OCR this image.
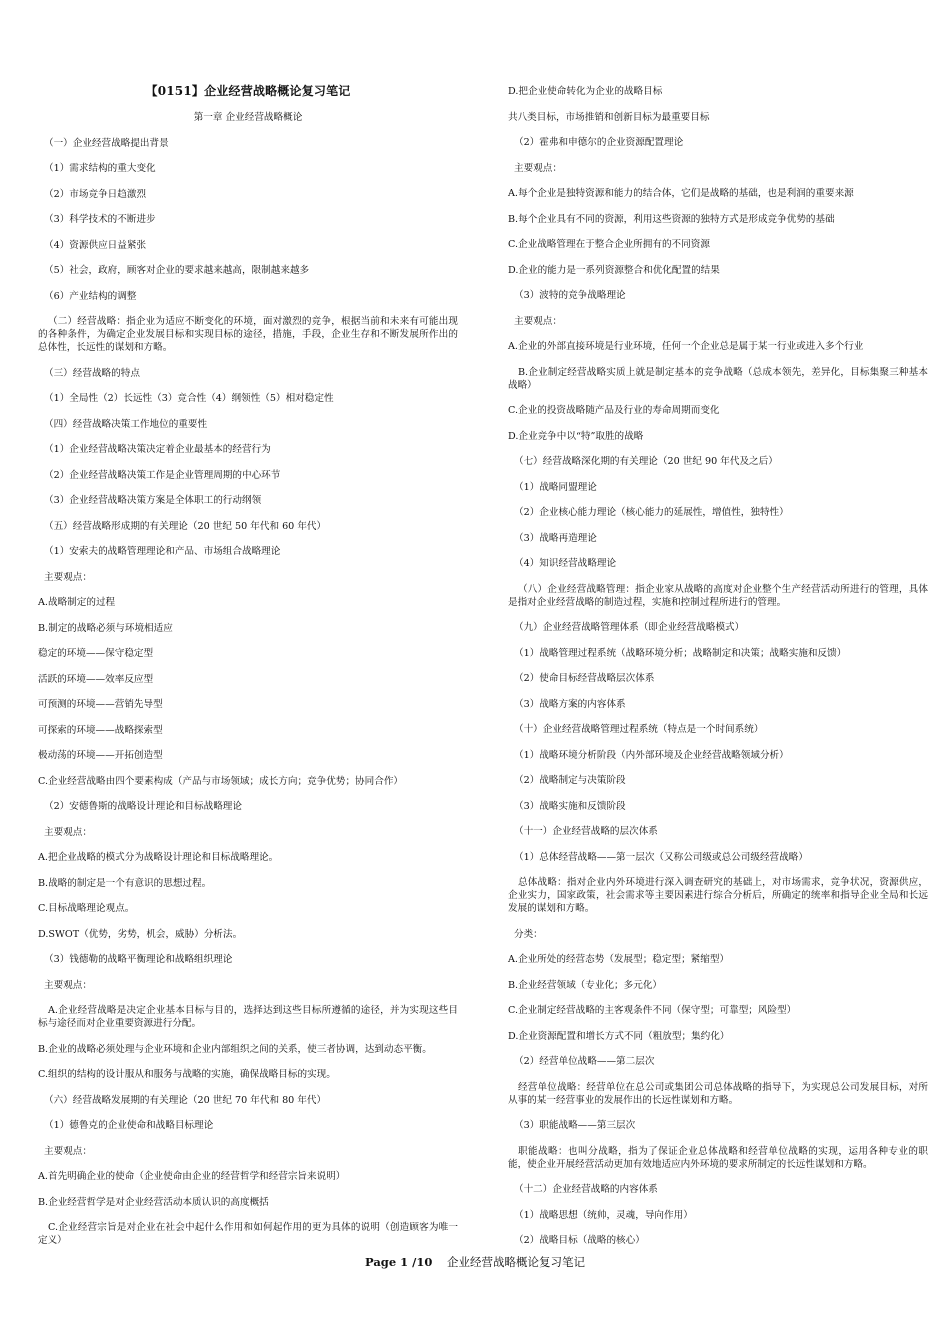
【0151】企业经营战略概论复习笔记
第一章 企业经营战略概论
（一）企业经营战略提出背景
（1）需求结构的重大变化
（2）市场竞争日趋激烈
（3）科学技术的不断进步
（4）资源供应日益紧张
（5）社会，政府，顾客对企业的要求越来越高，限制越来越多
（6）产业结构的调整
（二）经营战略：指企业为适应不断变化的环境，面对激烈的竞争，根据当前和未来有可能出现的各种条件，为确定企业发展目标和实现目标的途径，措施，手段，企业生存和不断发展所作出的总体性，长远性的谋划和方略。
（三）经营战略的特点
（1）全局性（2）长远性（3）竞合性（4）纲领性（5）相对稳定性
（四）经营战略决策工作地位的重要性
（1）企业经营战略决策决定着企业最基本的经营行为
（2）企业经营战略决策工作是企业管理周期的中心环节
（3）企业经营战略决策方案是全体职工的行动纲领
（五）经营战略形成期的有关理论（20 世纪 50 年代和 60 年代）
（1）安索夫的战略管理理论和产品、市场组合战略理论
主要观点：
A.战略制定的过程
B.制定的战略必须与环境相适应
稳定的环境——保守稳定型
活跃的环境——效率反应型
可预测的环境——营销先导型
可探索的环境——战略探索型
极动荡的环境——开拓创造型
C.企业经营战略由四个要素构成（产品与市场领域；成长方向；竞争优势；协同合作）
（2）安德鲁斯的战略设计理论和目标战略理论
主要观点：
A.把企业战略的模式分为战略设计理论和目标战略理论。
B.战略的制定是一个有意识的思想过程。
C.目标战略理论观点。
D.SWOT（优势，劣势，机会，威胁）分析法。
（3）钱德勒的战略平衡理论和战略组织理论
主要观点：
A.企业经营战略是决定企业基本目标与目的，选择达到这些目标所遵循的途径，并为实现这些目标与途径而对企业重要资源进行分配。
B.企业的战略必须处理与企业环境和企业内部组织之间的关系，使三者协调，达到动态平衡。
C.组织的结构的设计服从和服务与战略的实施，确保战略目标的实现。
（六）经营战略发展期的有关理论（20 世纪 70 年代和 80 年代）
（1）德鲁克的企业使命和战略目标理论
主要观点：
A.首先明确企业的使命（企业使命由企业的经营哲学和经营宗旨来说明）
B.企业经营哲学是对企业经营活动本质认识的高度概括
C.企业经营宗旨是对企业在社会中起什么作用和如何起作用的更为具体的说明（创造顾客为唯一定义）
D.把企业使命转化为企业的战略目标
共八类目标，市场推销和创新目标为最重要目标
（2）霍弗和申德尔的企业资源配置理论
主要观点：
A.每个企业是独特资源和能力的结合体，它们是战略的基础，也是利润的重要来源
B.每个企业具有不同的资源，利用这些资源的独特方式是形成竞争优势的基础
C.企业战略管理在于整合企业所拥有的不同资源
D.企业的能力是一系列资源整合和优化配置的结果
（3）波特的竞争战略理论
主要观点：
A.企业的外部直接环境是行业环境，任何一个企业总是属于某一行业或进入多个行业
B.企业制定经营战略实质上就是制定基本的竞争战略（总成本领先，差异化，目标集聚三种基本战略）
C.企业的投资战略随产品及行业的寿命周期而变化
D.企业竞争中以“特”取胜的战略
（七）经营战略深化期的有关理论（20 世纪 90 年代及之后）
（1）战略同盟理论
（2）企业核心能力理论（核心能力的延展性，增值性，独特性）
（3）战略再造理论
（4）知识经营战略理论
（八）企业经营战略管理：指企业家从战略的高度对企业整个生产经营活动所进行的管理，具体是指对企业经营战略的制造过程，实施和控制过程所进行的管理。
（九）企业经营战略管理体系（即企业经营战略模式）
（1）战略管理过程系统（战略环境分析；战略制定和决策；战略实施和反馈）
（2）使命目标经营战略层次体系
（3）战略方案的内容体系
（十）企业经营战略管理过程系统（特点是一个时间系统）
（1）战略环境分析阶段（内外部环境及企业经营战略领域分析）
（2）战略制定与决策阶段
（3）战略实施和反馈阶段
（十一）企业经营战略的层次体系
（1）总体经营战略——第一层次（又称公司级或总公司级经营战略）
总体战略：指对企业内外环境进行深入调查研究的基础上，对市场需求，竞争状况，资源供应，企业实力，国家政策，社会需求等主要因素进行综合分析后，所确定的统率和指导企业全局和长远发展的谋划和方略。
分类：
A.企业所处的经营态势（发展型；稳定型；紧缩型）
B.企业经营领域（专业化；多元化）
C.企业制定经营战略的主客观条件不同（保守型；可靠型；风险型）
D.企业资源配置和增长方式不同（粗放型；集约化）
（2）经营单位战略——第二层次
经营单位战略：经营单位在总公司或集团公司总体战略的指导下，为实现总公司发展目标，对所从事的某一经营事业的发展作出的长远性谋划和方略。
（3）职能战略——第三层次
职能战略：也叫分战略，指为了保证企业总体战略和经营单位战略的实现，运用各种专业的职能，使企业开展经营活动更加有效地适应内外环境的要求所制定的长远性谋划和方略。
（十二）企业经营战略的内容体系
（1）战略思想（统帅，灵魂，导向作用）
（2）战略目标（战略的核心）
Page 1 /10 企业经营战略概论复习笔记
